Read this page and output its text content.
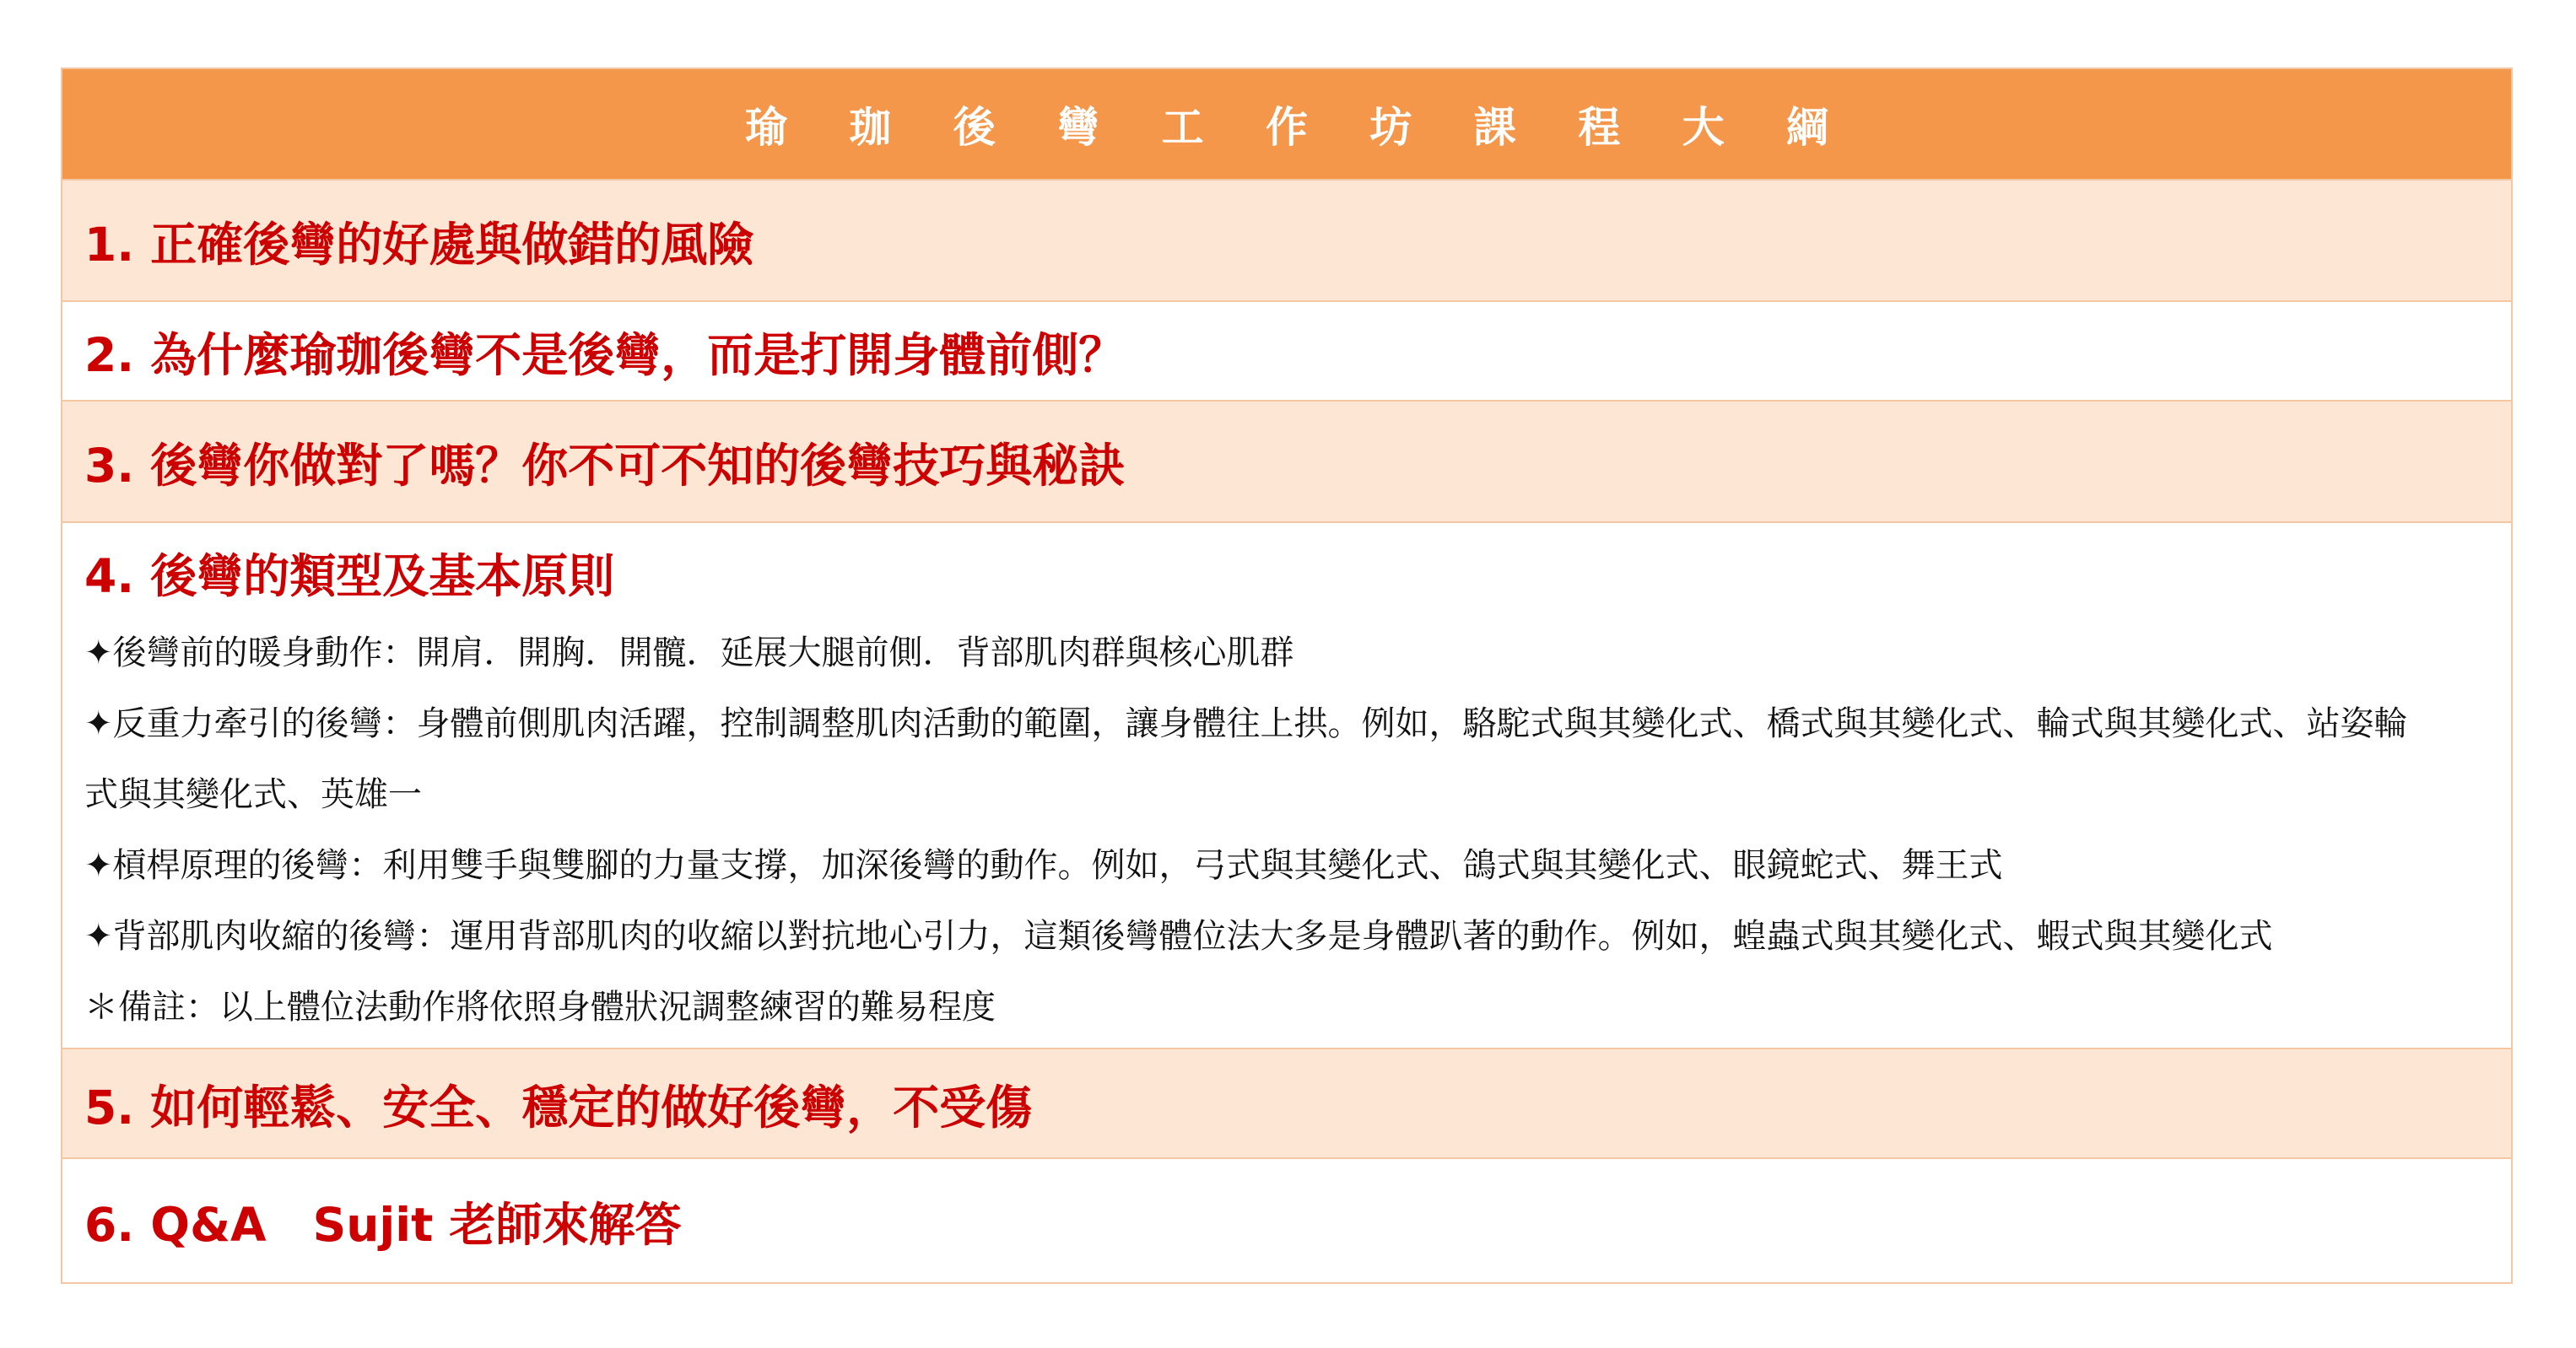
瑜 珈 後 彎 工 作 坊 課 程 大 綱
1. 正確後彎的好處與做錯的風險
2. 為什麼瑜珈後彎不是後彎，而是打開身體前側？
3. 後彎你做對了嗎？你不可不知的後彎技巧與秘訣
4. 後彎的類型及基本原則
✦後彎前的暖身動作：開肩．開胸．開髖．延展大腿前側．背部肌肉群與核心肌群
✦反重力牽引的後彎：身體前側肌肉活躍，控制調整肌肉活動的範圍，讓身體往上拱。例如，駱駝式與其變化式、橋式與其變化式、輪式與其變化式、站姿輪
式與其變化式、英雄一
✦槓桿原理的後彎：利用雙手與雙腳的力量支撐，加深後彎的動作。例如，弓式與其變化式、鴿式與其變化式、眼鏡蛇式、舞王式
✦背部肌肉收縮的後彎：運用背部肌肉的收縮以對抗地心引力，這類後彎體位法大多是身體趴著的動作。例如，蝗蟲式與其變化式、蝦式與其變化式
＊備註：以上體位法動作將依照身體狀況調整練習的難易程度
5. 如何輕鬆、安全、穩定的做好後彎，不受傷
6. Q&A　Sujit 老師來解答
